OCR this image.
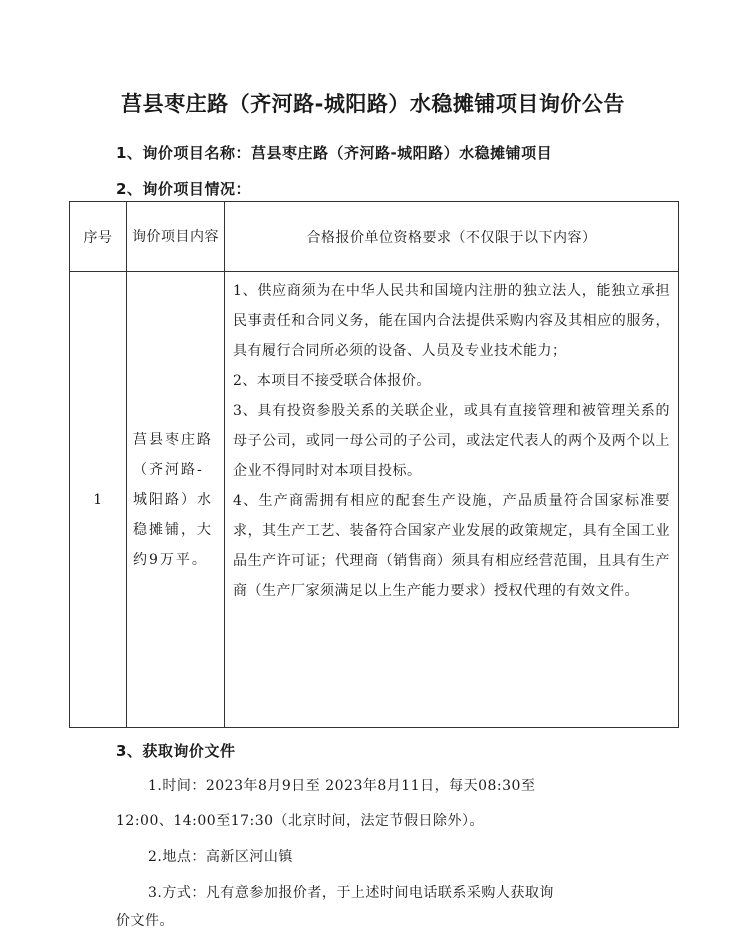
莒县枣庄路（齐河路-城阳路）水稳摊铺项目询价公告
1、询价项目名称：莒县枣庄路（齐河路-城阳路）水稳摊铺项目
2、询价项目情况：
序号	询价项目内容	合格报价单位资格要求（不仅限于以下内容）
1	莒县枣庄路（齐河路-城阳路）水稳摊铺，大约9万平。	1、供应商须为在中华人民共和国境内注册的独立法人，能独立承担民事责任和合同义务，能在国内合法提供采购内容及其相应的服务，具有履行合同所必须的设备、人员及专业技术能力；
2、本项目不接受联合体报价。
3、具有投资参股关系的关联企业，或具有直接管理和被管理关系的母子公司，或同一母公司的子公司，或法定代表人的两个及两个以上企业不得同时对本项目投标。
4、生产商需拥有相应的配套生产设施，产品质量符合国家标准要求，其生产工艺、装备符合国家产业发展的政策规定，具有全国工业品生产许可证；代理商（销售商）须具有相应经营范围，且具有生产商（生产厂家须满足以上生产能力要求）授权代理的有效文件。
3、获取询价文件
1.时间：2023年8月9日至 2023年8月11日，每天08:30至
12:00、14:00至17:30（北京时间，法定节假日除外）。
2.地点：高新区河山镇
3.方式：凡有意参加报价者，于上述时间电话联系采购人获取询
价文件。
